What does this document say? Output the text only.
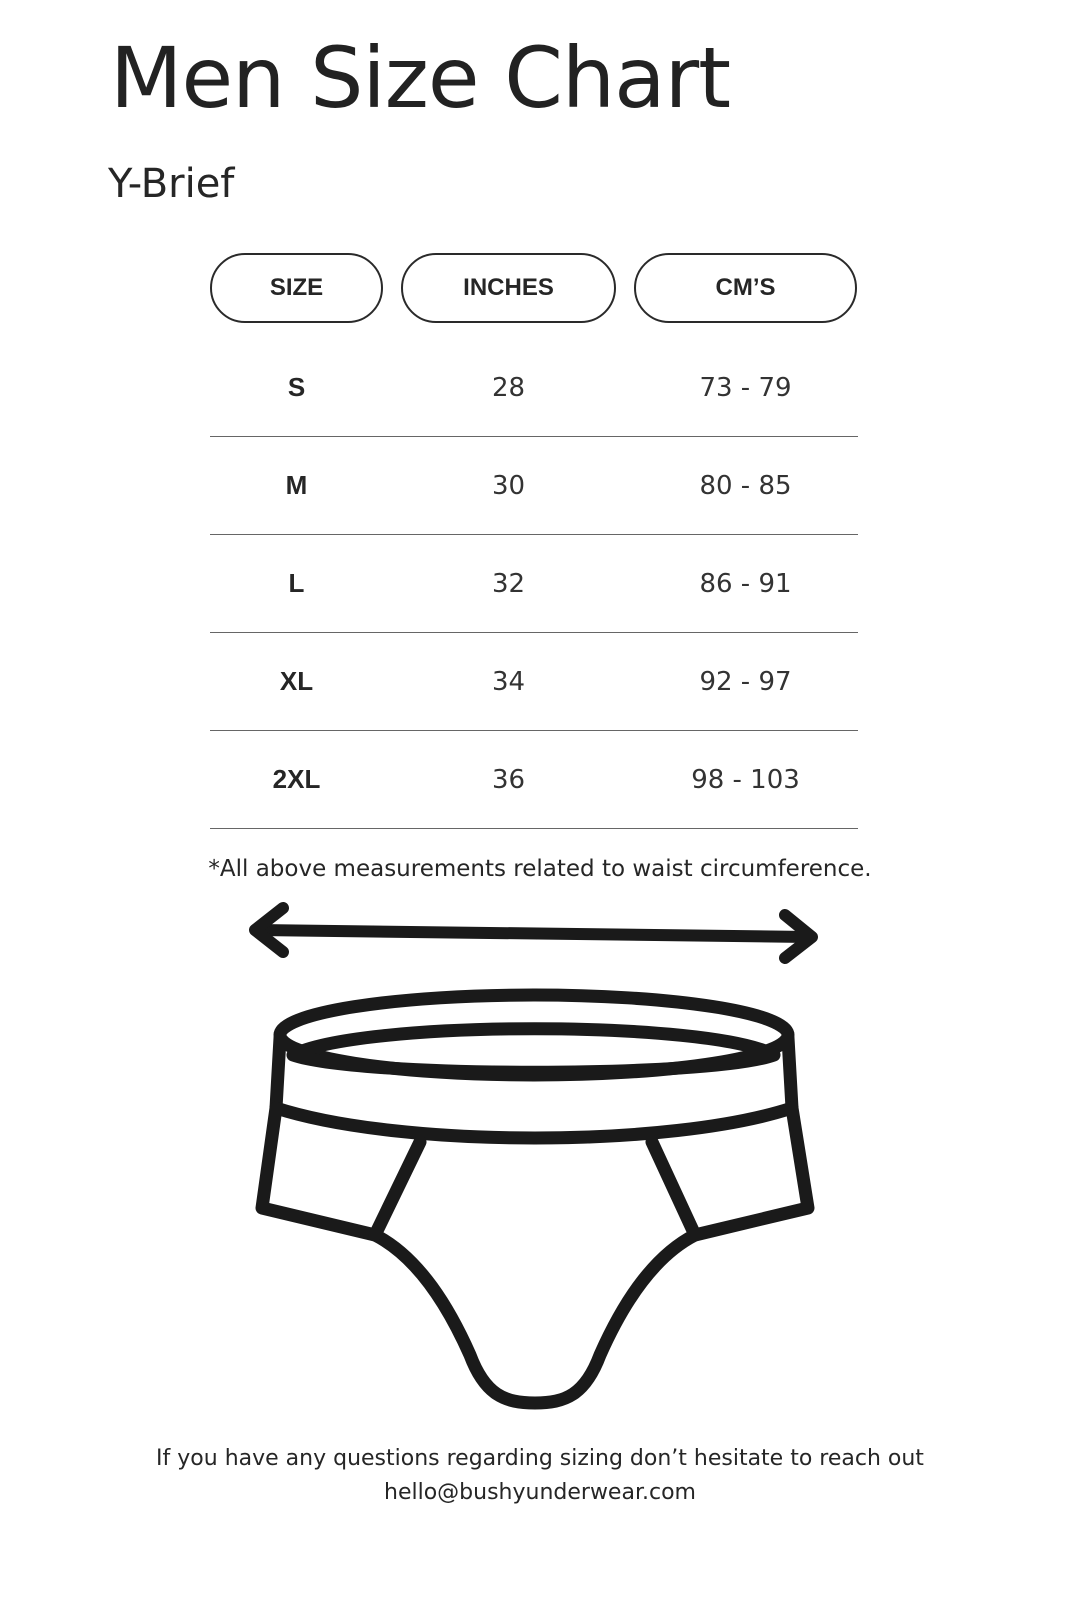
Men Size Chart
Y-Brief
SIZE	INCHES	CM’S
S	28	73 - 79
M	30	80 - 85
L	32	86 - 91
XL	34	92 - 97
2XL	36	98 - 103
*All above measurements related to waist circumference.
If you have any questions regarding sizing don’t hesitate to reach out
hello@bushyunderwear.com
